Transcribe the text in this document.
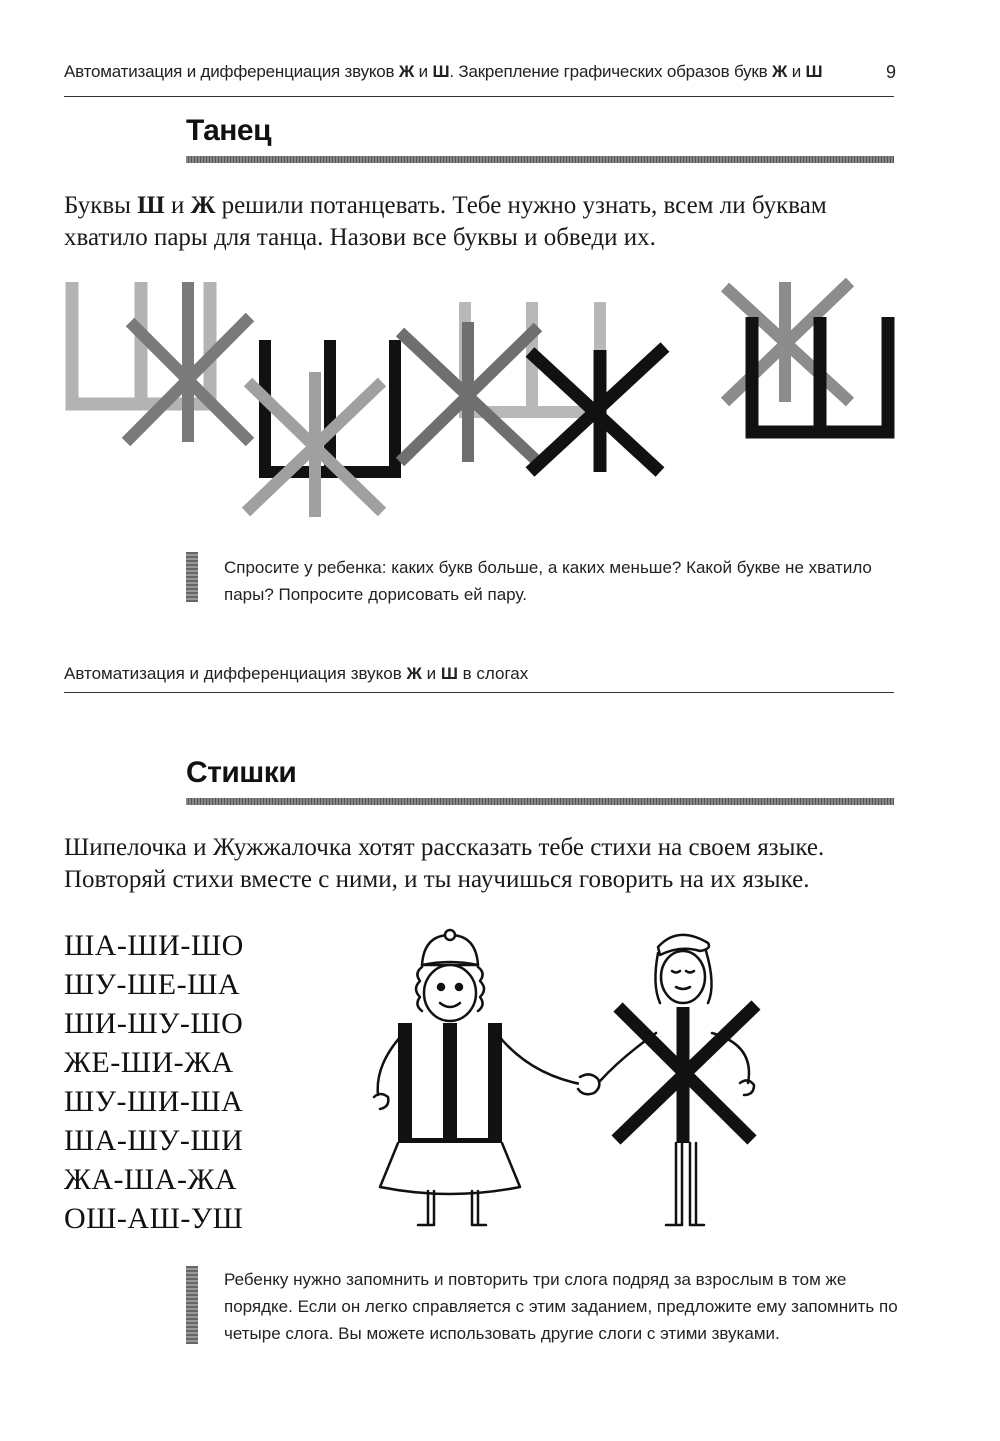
Автоматизация и дифференциация звуков Ж и Ш. Закрепление графических образов букв Ж и Ш	9
Танец
Буквы Ш и Ж решили потанцевать. Тебе нужно узнать, всем ли буквам
хватило пары для танца. Назови все буквы и обведи их.
Спросите у ребенка: каких букв больше, а каких меньше? Какой букве не хватило пары? Попросите дорисовать ей пару.
Автоматизация и дифференциация звуков Ж и Ш в слогах
Стишки
Шипелочка и Жужжалочка хотят рассказать тебе стихи на своем языке.
Повторяй стихи вместе с ними, и ты научишься говорить на их языке.
ША-ШИ-ШО
ШУ-ШЕ-ША
ШИ-ШУ-ШО
ЖЕ-ШИ-ЖА
ШУ-ШИ-ША
ША-ШУ-ШИ
ЖА-ША-ЖА
ОШ-АШ-УШ
Ребенку нужно запомнить и повторить три слога подряд за взрослым в том же порядке. Если он легко справляется с этим заданием, предложите ему запомнить по четыре слога. Вы можете использовать другие слоги с этими звуками.
